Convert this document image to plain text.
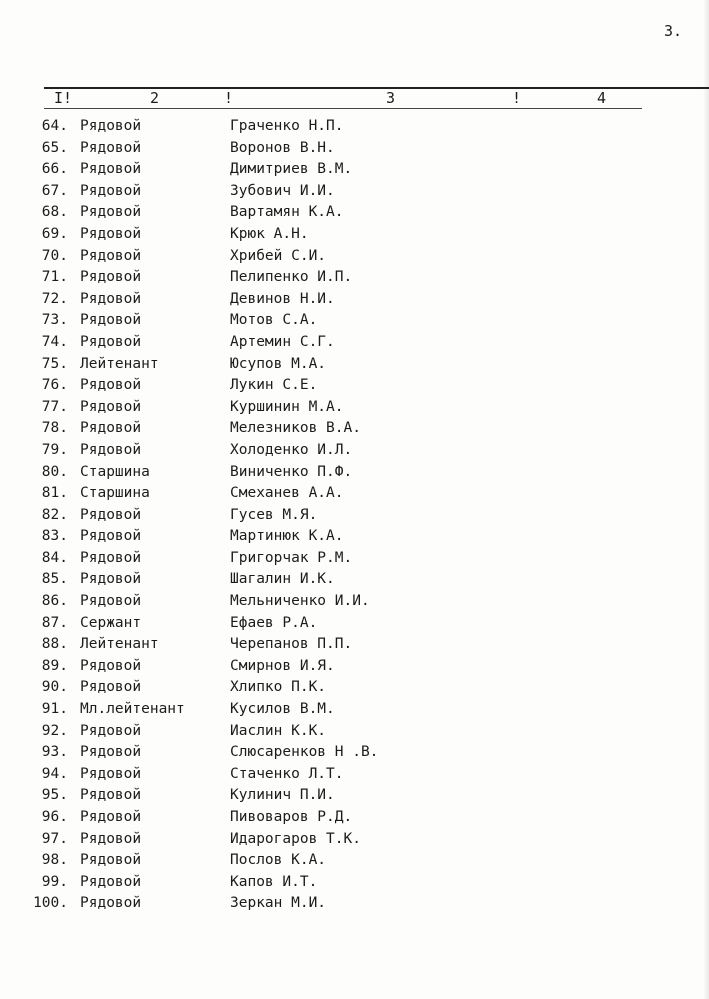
3.
I!	2	!	3	!	4
64. Рядовой	Граченко Н.П.
65. Рядовой	Воронов В.Н.
66. Рядовой	Димитриев В.М.
67. Рядовой	Зубович И.И.
68. Рядовой	Вартамян К.А.
69. Рядовой	Крюк А.Н.
70. Рядовой	Хрибей С.И.
71. Рядовой	Пелипенко И.П.
72. Рядовой	Девинов Н.И.
73. Рядовой	Мотов С.А.
74. Рядовой	Артемин С.Г.
75. Лейтенант	Юсупов М.А.
76. Рядовой	Лукин С.Е.
77. Рядовой	Куршинин М.А.
78. Рядовой	Мелезников В.А.
79. Рядовой	Холоденко И.Л.
80. Старшина	Виниченко П.Ф.
81. Старшина	Смеханев А.А.
82. Рядовой	Гусев М.Я.
83. Рядовой	Мартинюк К.А.
84. Рядовой	Григорчак Р.М.
85. Рядовой	Шагалин И.К.
86. Рядовой	Мельниченко И.И.
87. Сержант	Ефаев Р.А.
88. Лейтенант	Черепанов П.П.
89. Рядовой	Смирнов И.Я.
90. Рядовой	Хлипко П.К.
91. Мл.лейтенант	Кусилов В.М.
92. Рядовой	Иаслин К.К.
93. Рядовой	Слюсаренков Н .В.
94. Рядовой	Стаченко Л.Т.
95. Рядовой	Кулинич П.И.
96. Рядовой	Пивоваров Р.Д.
97. Рядовой	Идарогаров Т.К.
98. Рядовой	Послов К.А.
99. Рядовой	Капов И.Т.
100. Рядовой	Зеркан М.И.
